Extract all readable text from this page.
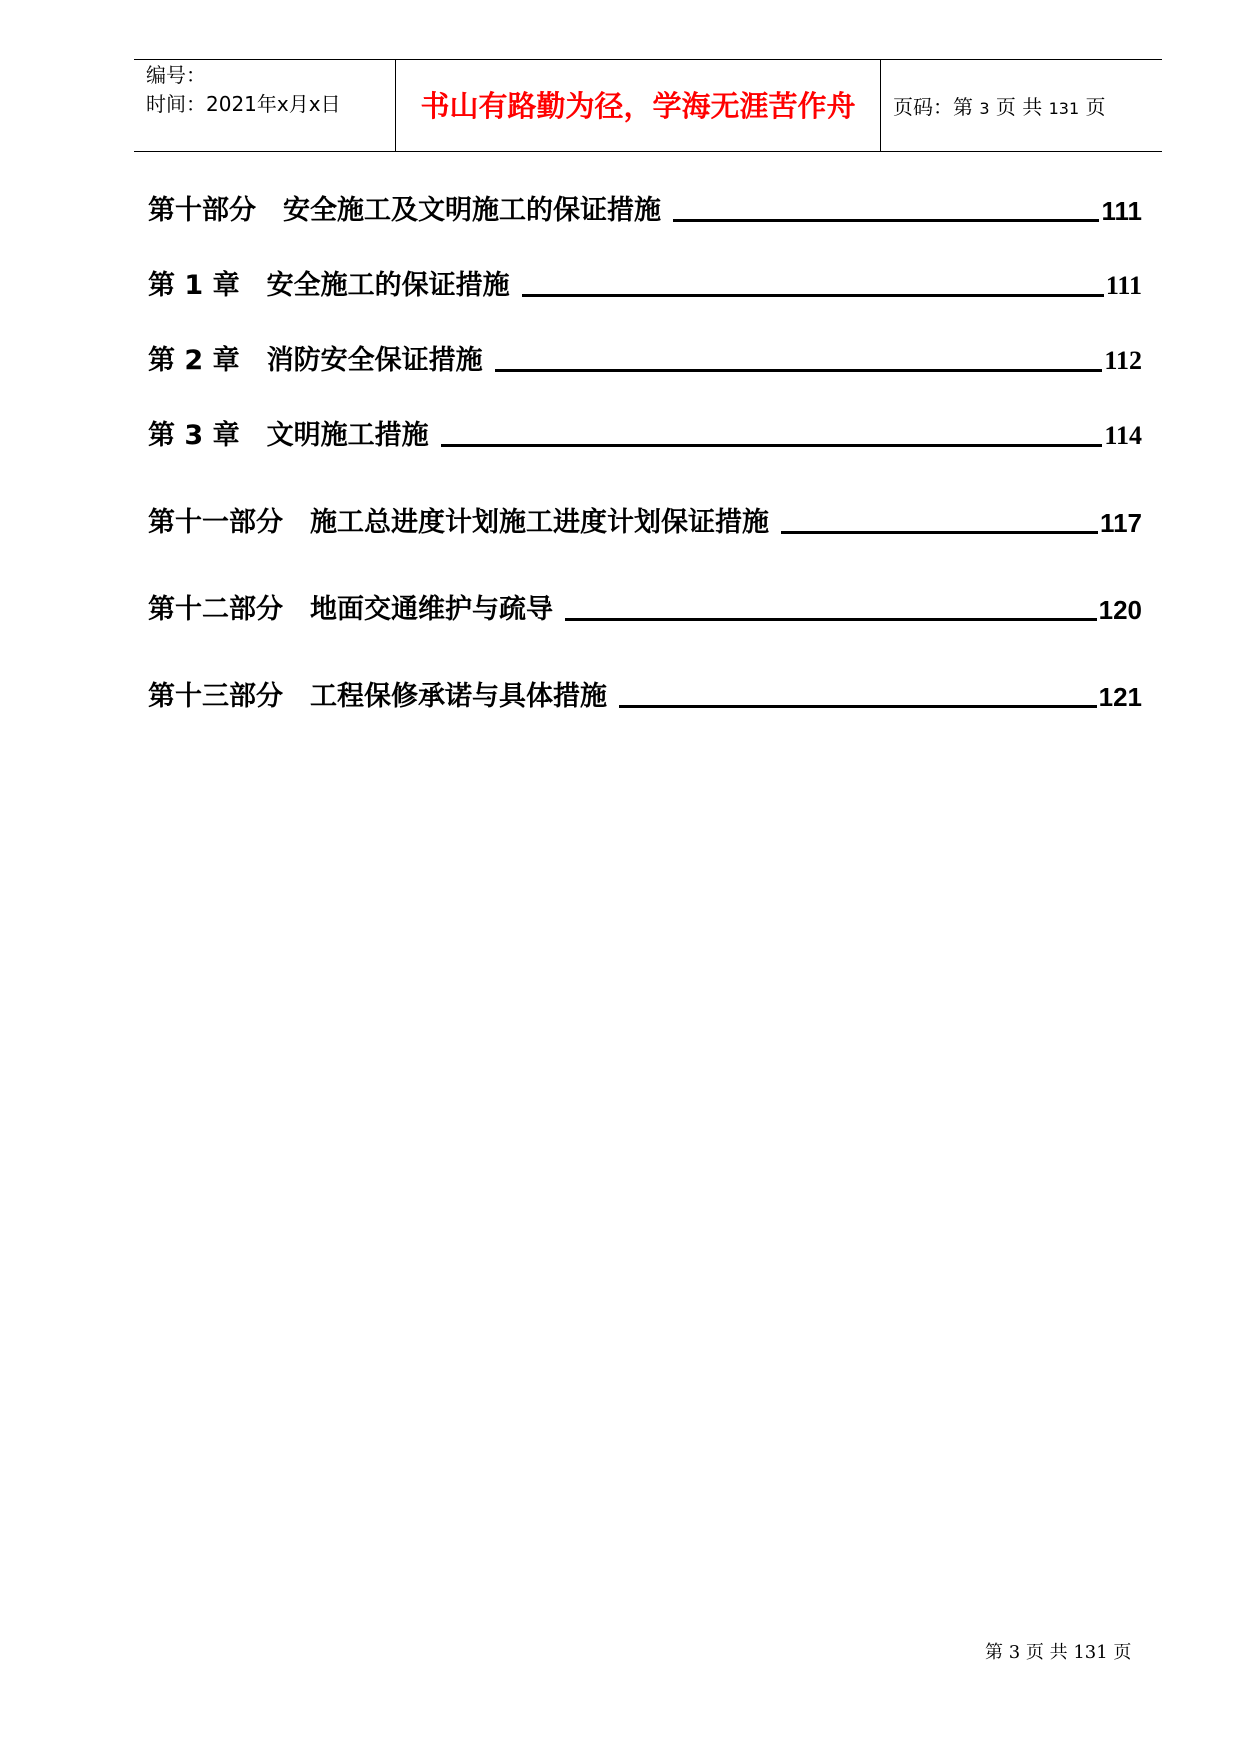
编号：
时间：2021年x月x日	书山有路勤为径，学海无涯苦作舟	页码：第 3 页 共 131 页
第十部分　安全施工及文明施工的保证措施	111
第 1 章　安全施工的保证措施	111
第 2 章　消防安全保证措施	112
第 3 章　文明施工措施	114
第十一部分　施工总进度计划施工进度计划保证措施	117
第十二部分　地面交通维护与疏导	120
第十三部分　工程保修承诺与具体措施	121
第 3 页 共 131 页
